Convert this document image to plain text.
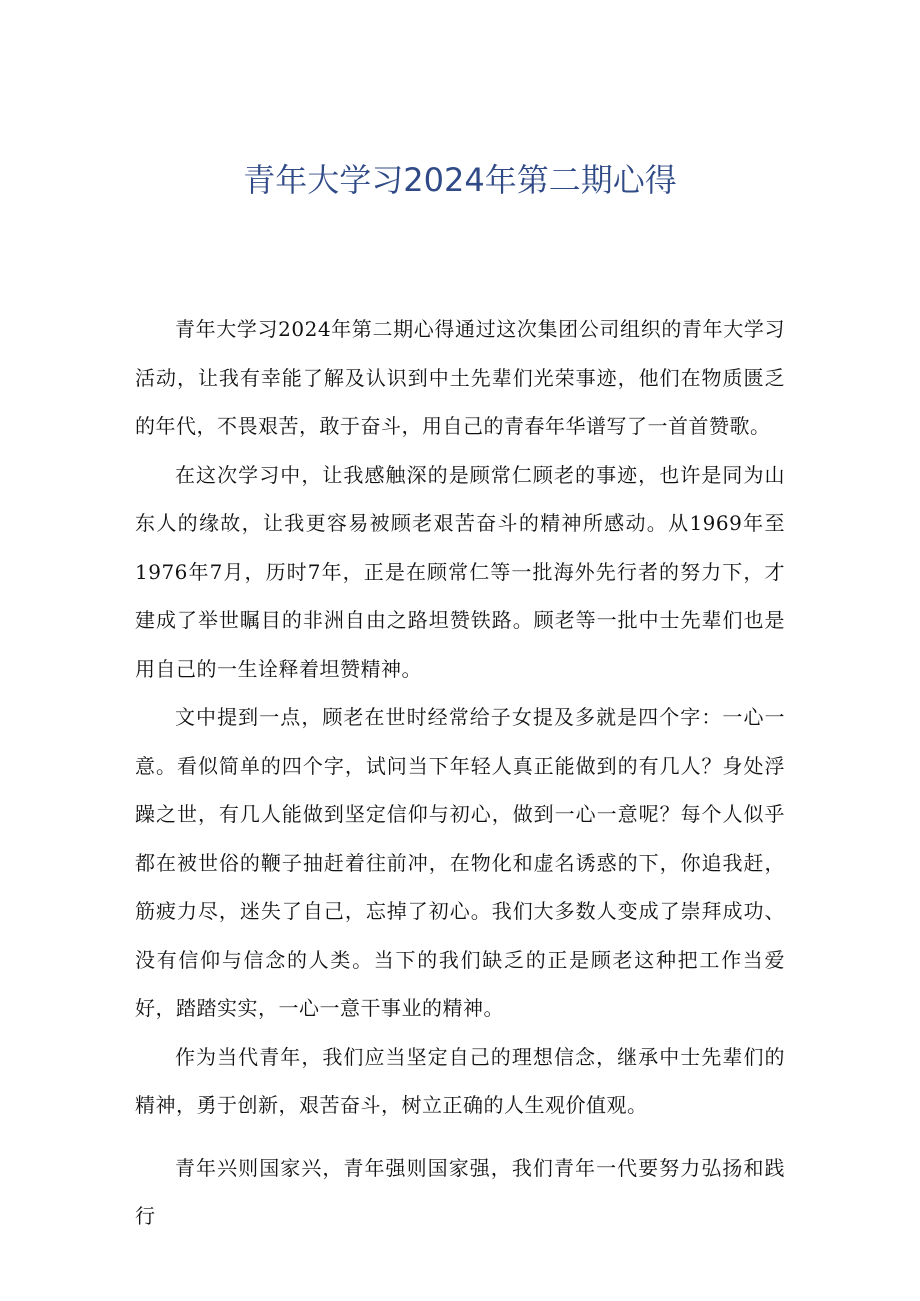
青年大学习2024年第二期心得

青年大学习2024年第二期心得通过这次集团公司组织的青年大学习活动，让我有幸能了解及认识到中土先辈们光荣事迹，他们在物质匮乏的年代，不畏艰苦，敢于奋斗，用自己的青春年华谱写了一首首赞歌。

在这次学习中，让我感触深的是顾常仁顾老的事迹，也许是同为山东人的缘故，让我更容易被顾老艰苦奋斗的精神所感动。从1969年至1976年7月，历时7年，正是在顾常仁等一批海外先行者的努力下，才建成了举世瞩目的非洲自由之路坦赞铁路。顾老等一批中士先辈们也是用自己的一生诠释着坦赞精神。

文中提到一点，顾老在世时经常给子女提及多就是四个字：一心一意。看似简单的四个字，试问当下年轻人真正能做到的有几人？身处浮躁之世，有几人能做到坚定信仰与初心，做到一心一意呢？每个人似乎都在被世俗的鞭子抽赶着往前冲，在物化和虚名诱惑的下，你追我赶，筋疲力尽，迷失了自己，忘掉了初心。我们大多数人变成了崇拜成功、没有信仰与信念的人类。当下的我们缺乏的正是顾老这种把工作当爱好，踏踏实实，一心一意干事业的精神。

作为当代青年，我们应当坚定自己的理想信念，继承中士先辈们的精神，勇于创新，艰苦奋斗，树立正确的人生观价值观。

青年兴则国家兴，青年强则国家强，我们青年一代要努力弘扬和践行
